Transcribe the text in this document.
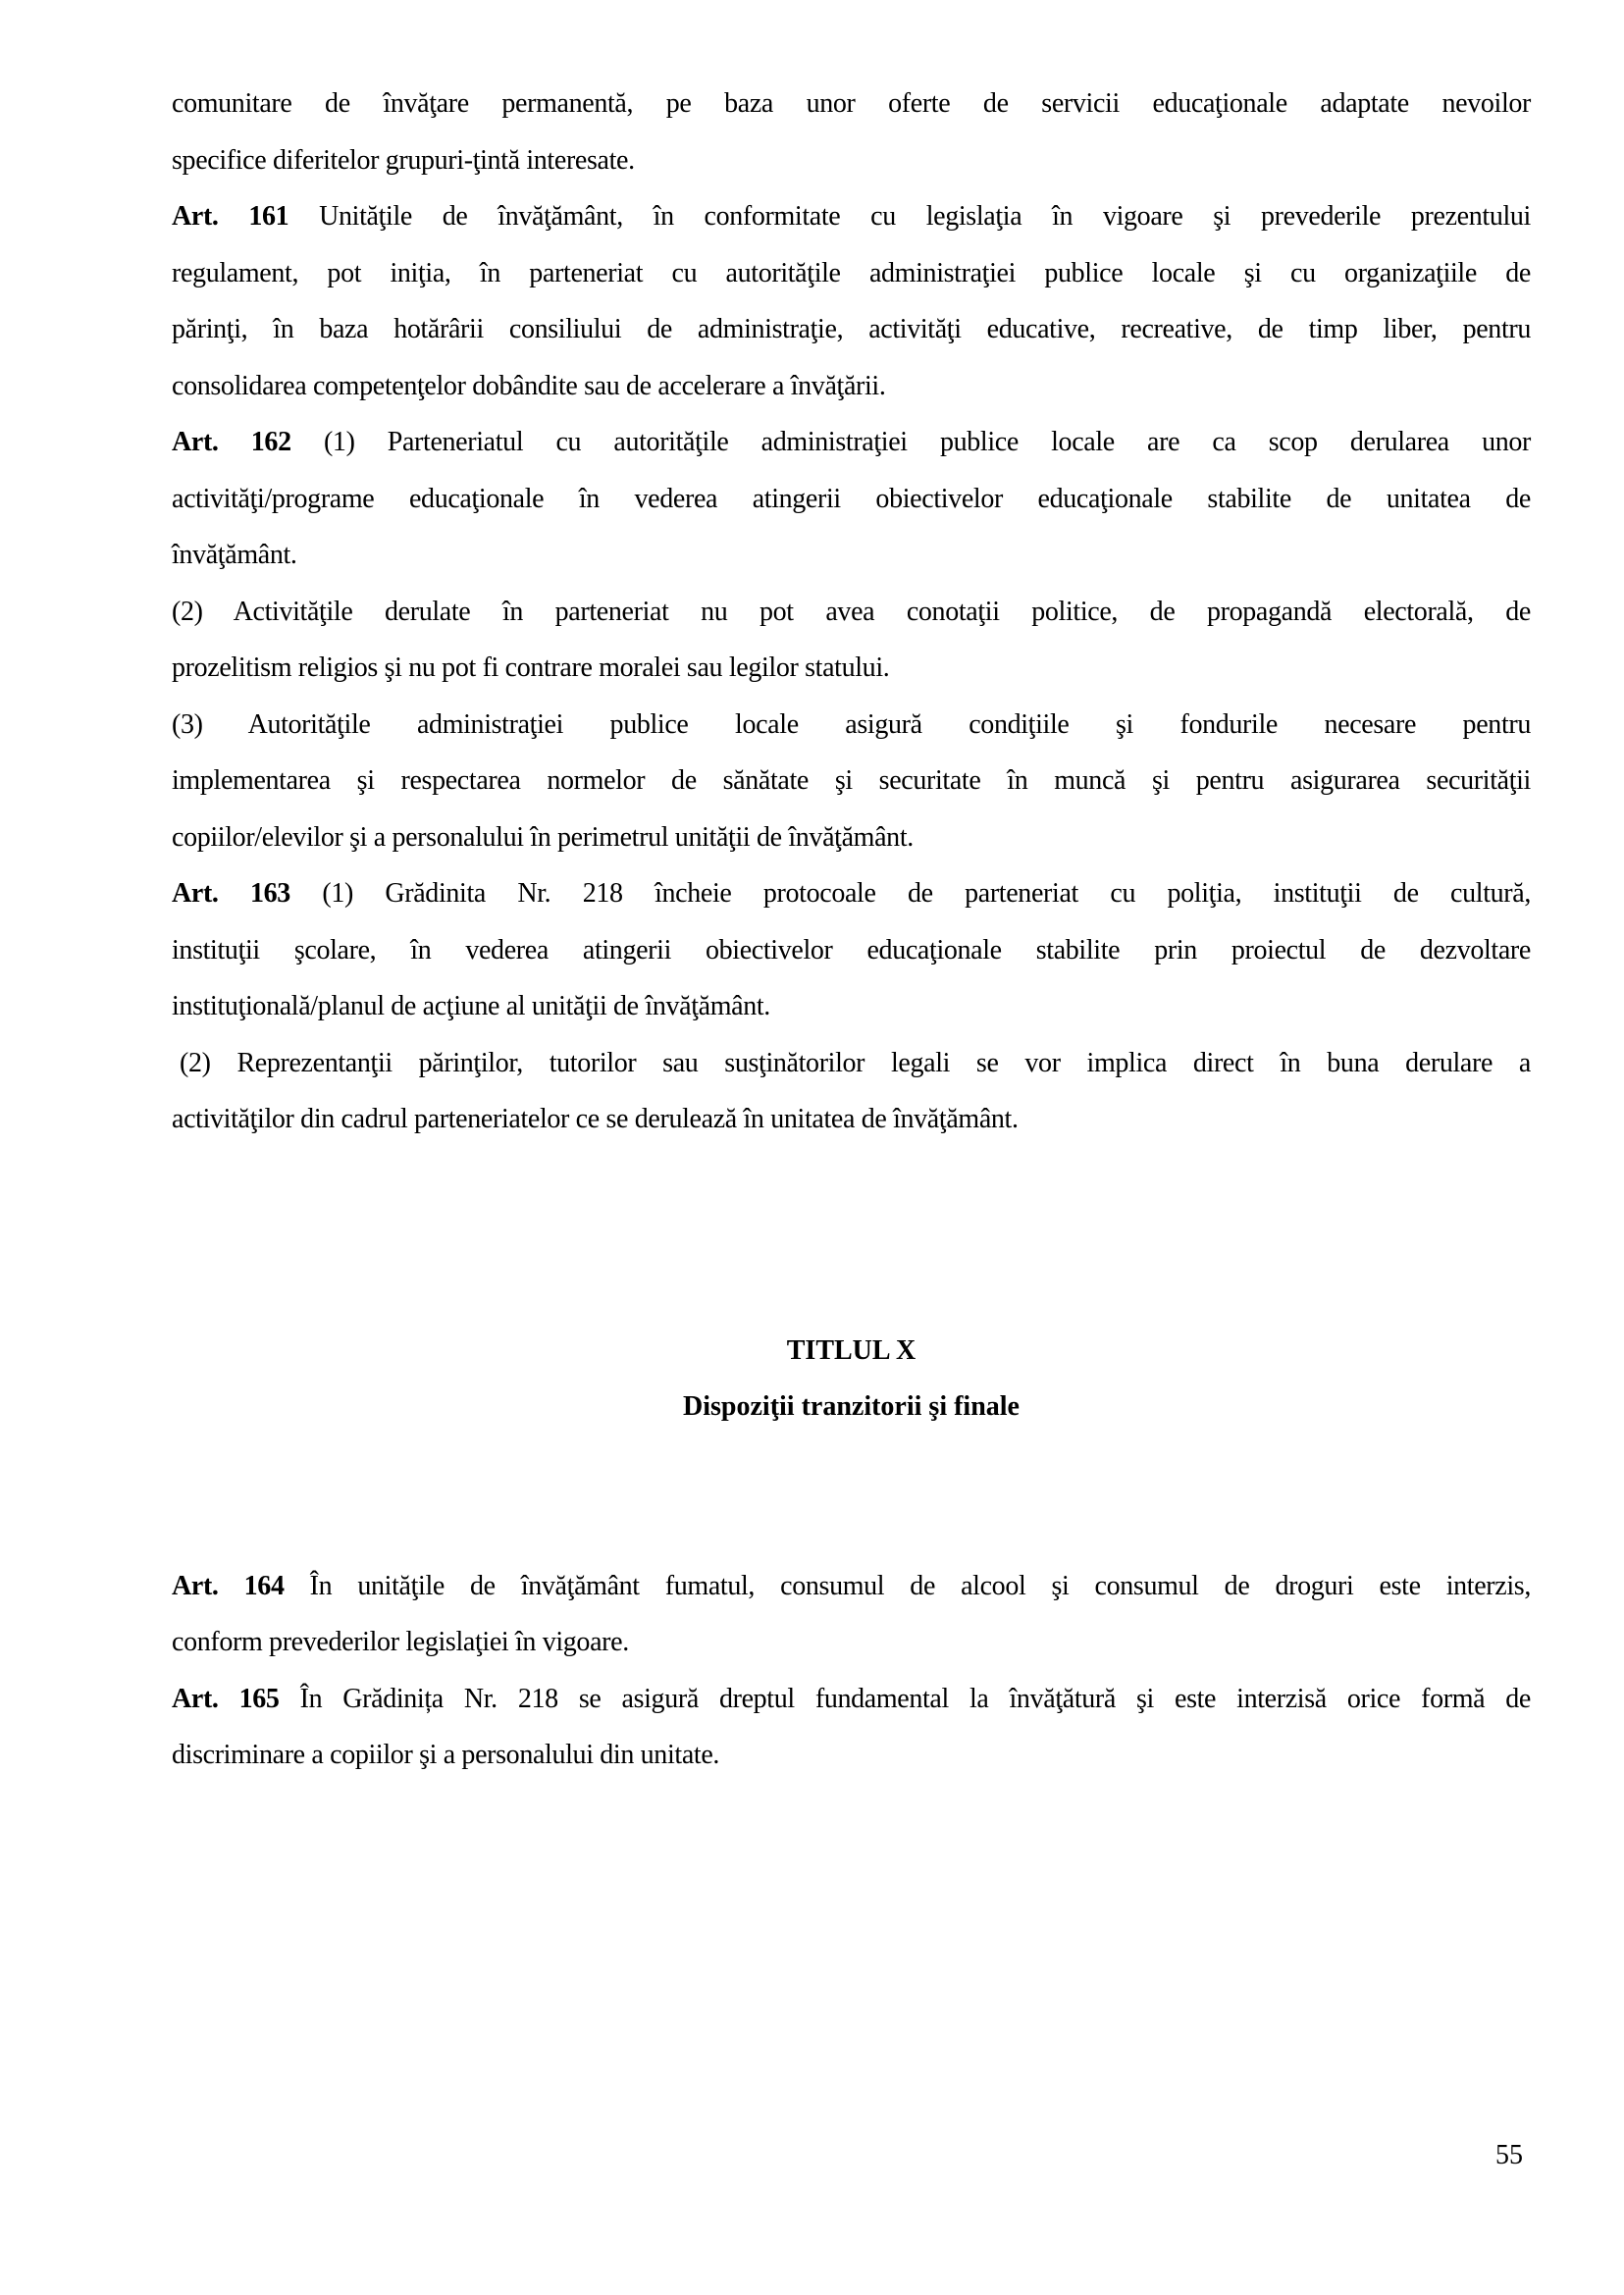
comunitare de învăţare permanentă, pe baza unor oferte de servicii educaţionale adaptate nevoilor
specifice diferitelor grupuri-ţintă interesate.
Art. 161 Unităţile de învăţământ, în conformitate cu legislaţia în vigoare şi prevederile prezentului
regulament, pot iniţia, în parteneriat cu autorităţile administraţiei publice locale şi cu organizaţiile de
părinţi, în baza hotărârii consiliului de administraţie, activităţi educative, recreative, de timp liber, pentru
consolidarea competenţelor dobândite sau de accelerare a învăţării.
Art. 162 (1) Parteneriatul cu autorităţile administraţiei publice locale are ca scop derularea unor
activităţi/programe educaţionale în vederea atingerii obiectivelor educaţionale stabilite de unitatea de
învăţământ.
(2) Activităţile derulate în parteneriat nu pot avea conotaţii politice, de propagandă electorală, de
prozelitism religios şi nu pot fi contrare moralei sau legilor statului.
(3) Autorităţile administraţiei publice locale asigură condiţiile şi fondurile necesare pentru
implementarea şi respectarea normelor de sănătate şi securitate în muncă şi pentru asigurarea securităţii
copiilor/elevilor şi a personalului în perimetrul unităţii de învăţământ.
Art. 163 (1) Grădinita Nr. 218 încheie protocoale de parteneriat cu poliţia, instituţii de cultură,
instituţii şcolare, în vederea atingerii obiectivelor educaţionale stabilite prin proiectul de dezvoltare
instituţională/planul de acţiune al unităţii de învăţământ.
(2) Reprezentanţii părinţilor, tutorilor sau susţinătorilor legali se vor implica direct în buna derulare a
activităţilor din cadrul parteneriatelor ce se derulează în unitatea de învăţământ.
TITLUL X
Dispoziţii tranzitorii şi finale
Art. 164 În unităţile de învăţământ fumatul, consumul de alcool şi consumul de droguri este interzis,
conform prevederilor legislaţiei în vigoare.
Art. 165 În Grădinița Nr. 218 se asigură dreptul fundamental la învăţătură şi este interzisă orice formă de
discriminare a copiilor şi a personalului din unitate.
55
